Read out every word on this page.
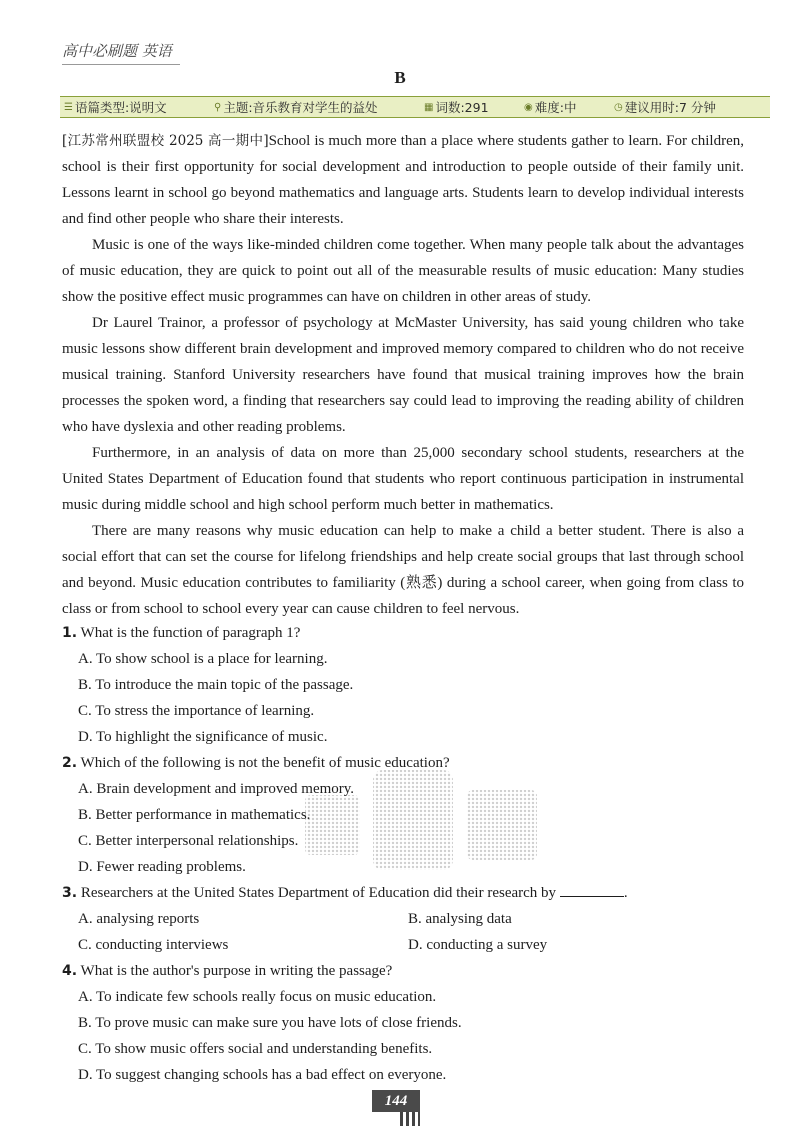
高中必刷题 英语
B
☰ 语篇类型:说明文	⚲ 主题:音乐教育对学生的益处	▦ 词数:291	◉ 难度:中	◷ 建议用时:7 分钟

[江苏常州联盟校 2025 高一期中]School is much more than a place where students gather to learn. For children, school is their first opportunity for social development and introduction to people outside of their family unit. Lessons learnt in school go beyond mathematics and language arts. Students learn to develop individual interests and find other people who share their interests.

Music is one of the ways like-minded children come together. When many people talk about the advantages of music education, they are quick to point out all of the measurable results of music education: Many studies show the positive effect music programmes can have on children in other areas of study.

Dr Laurel Trainor, a professor of psychology at McMaster University, has said young children who take music lessons show different brain development and improved memory compared to children who do not receive musical training. Stanford University researchers have found that musical training improves how the brain processes the spoken word, a finding that researchers say could lead to improving the reading ability of children who have dyslexia and other reading problems.

Furthermore, in an analysis of data on more than 25,000 secondary school students, researchers at the United States Department of Education found that students who report continuous participation in instrumental music during middle school and high school perform much better in mathematics.

There are many reasons why music education can help to make a child a better student. There is also a social effort that can set the course for lifelong friendships and help create social groups that last through school and beyond. Music education contributes to familiarity (熟悉) during a school career, when going from class to class or from school to school every year can cause children to feel nervous.

1. What is the function of paragraph 1?

A. To show school is a place for learning.

B. To introduce the main topic of the passage.

C. To stress the importance of learning.

D. To highlight the significance of music.

2. Which of the following is not the benefit of music education?

A. Brain development and improved memory.

B. Better performance in mathematics.

C. Better interpersonal relationships.

D. Fewer reading problems.

3. Researchers at the United States Department of Education did their research by	.

A. analysing reports	B. analysing data
C. conducting interviews	D. conducting a survey

4. What is the author's purpose in writing the passage?

A. To indicate few schools really focus on music education.

B. To prove music can make sure you have lots of close friends.

C. To show music offers social and understanding benefits.

D. To suggest changing schools has a bad effect on everyone.

144
